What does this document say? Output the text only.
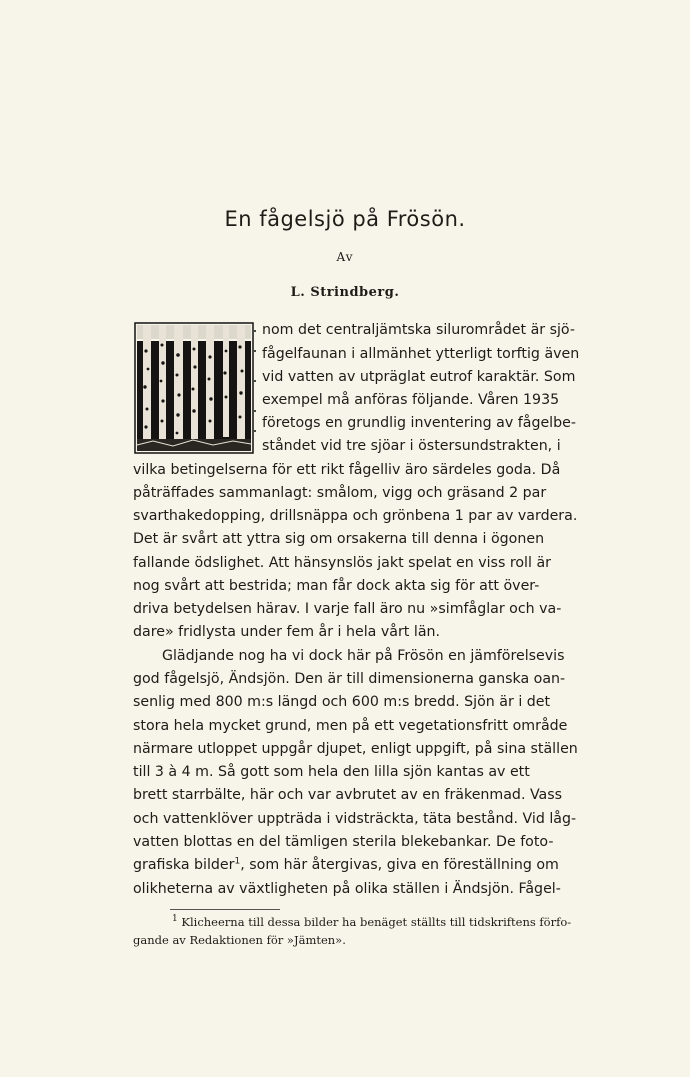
En fågelsjö på Frösön.
Av
L. Strindberg.
nom det centraljämtska silurområdet är sjö-
fågelfaunan i allmänhet ytterligt torftig även
vid vatten av utpräglat eutrof karaktär. Som
exempel må anföras följande. Våren 1935
företogs en grundlig inventering av fågelbe-
ståndet vid tre sjöar i östersundstrakten, i
vilka betingelserna för ett rikt fågelliv äro särdeles goda. Då
påträffades sammanlagt: smålom, vigg och gräsand 2 par
svarthakedopping, drillsnäppa och grönbena 1 par av vardera.
Det är svårt att yttra sig om orsakerna till denna i ögonen
fallande ödslighet. Att hänsynslös jakt spelat en viss roll är
nog svårt att bestrida; man får dock akta sig för att över-
driva betydelsen härav. I varje fall äro nu »simfåglar och va-
dare» fridlysta under fem år i hela vårt län.
Glädjande nog ha vi dock här på Frösön en jämförelsevis
god fågelsjö, Ändsjön. Den är till dimensionerna ganska oan-
senlig med 800 m:s längd och 600 m:s bredd. Sjön är i det
stora hela mycket grund, men på ett vegetationsfritt område
närmare utloppet uppgår djupet, enligt uppgift, på sina ställen
till 3 à 4 m. Så gott som hela den lilla sjön kantas av ett
brett starrbälte, här och var avbrutet av en fräkenmad. Vass
och vattenklöver uppträda i vidsträckta, täta bestånd. Vid låg-
vatten blottas en del tämligen sterila blekebankar. De foto-
grafiska bilder$^1$, som här återgivas, giva en föreställning om
olikheterna av växtligheten på olika ställen i Ändsjön. Fågel-
$^1$ Klicheerna till dessa bilder ha benäget ställts till tidskriftens förfo-
gande av Redaktionen för »Jämten».
